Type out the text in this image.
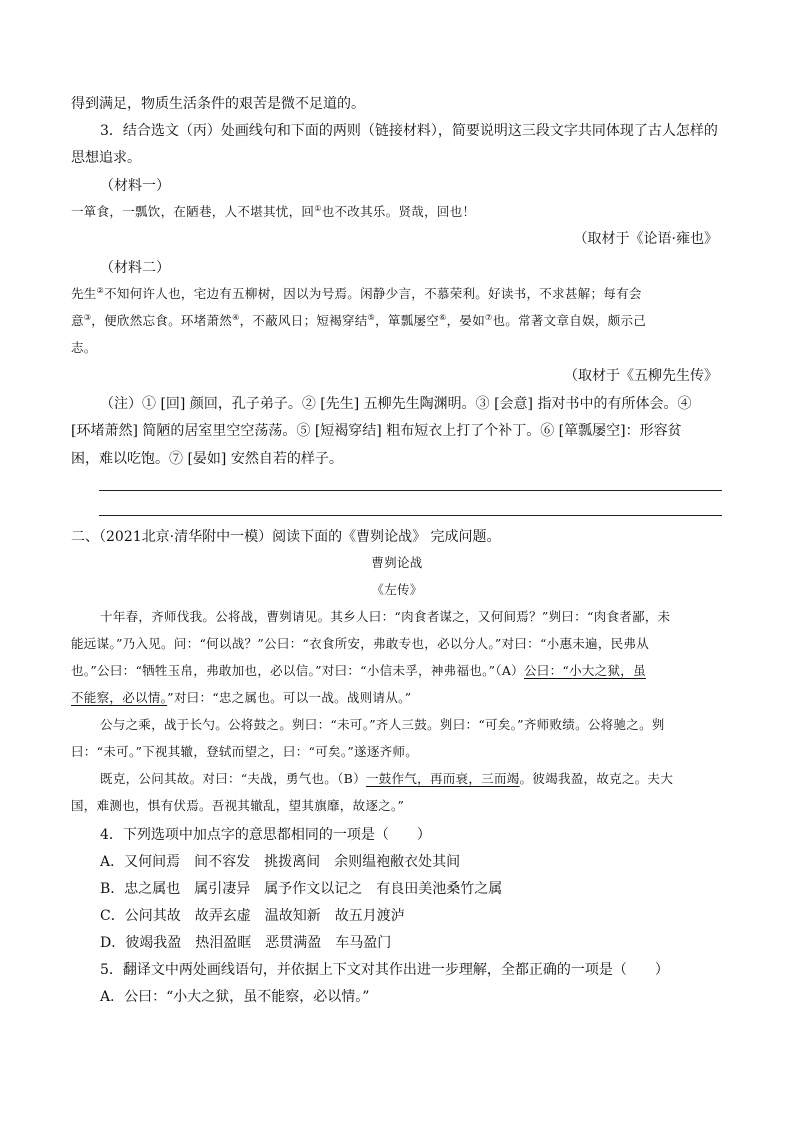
得到满足，物质生活条件的艰苦是微不足道的。
3．结合选文（丙）处画线句和下面的两则（链接材料），简要说明这三段文字共同体现了古人怎样的
思想追求。
（材料一）
一箪食，一瓢饮，在陋巷，人不堪其忧，回①也不改其乐。贤哉，回也！
（取材于《论语·雍也》
（材料二）
先生②不知何许人也，宅边有五柳树，因以为号焉。闲静少言，不慕荣利。好读书，不求甚解；每有会
意③，便欣然忘食。环堵萧然④，不蔽风日；短褐穿结⑤，箪瓢屡空⑥，晏如⑦也。常著文章自娱，颇示己
志。
（取材于《五柳先生传》
（注）① [回] 颜回，孔子弟子。② [先生] 五柳先生陶渊明。③ [会意] 指对书中的有所体会。④
[环堵萧然] 简陋的居室里空空荡荡。⑤ [短褐穿结] 粗布短衣上打了个补丁。⑥ [箪瓢屡空]：形容贫
困，难以吃饱。⑦ [晏如] 安然自若的样子。
二、（2021北京·清华附中一模）阅读下面的《曹刿论战》 完成问题。
曹刿论战
《左传》
十年春，齐师伐我。公将战，曹刿请见。其乡人曰：“肉食者谋之，又何间焉？”刿曰：“肉食者鄙，未
能远谋。”乃入见。问：“何以战？”公曰：“衣食所安，弗敢专也，必以分人。”对曰：“小惠未遍，民弗从
也。”公曰：“牺牲玉帛，弗敢加也，必以信。”对曰：“小信未孚，神弗福也。”（A）公曰：“小大之狱，虽
不能察，必以情。”对曰：“忠之属也。可以一战。战则请从。”
公与之乘，战于长勺。公将鼓之。刿曰：“未可。”齐人三鼓。刿曰：“可矣。”齐师败绩。公将驰之。刿
曰：“未可。”下视其辙，登轼而望之，曰：“可矣。”遂逐齐师。
既克，公问其故。对曰：“夫战，勇气也。（B）一鼓作气，再而衰，三而竭。彼竭我盈，故克之。夫大
国，难测也，惧有伏焉。吾视其辙乱，望其旗靡，故逐之。”
4．下列选项中加点字的意思都相同的一项是（　　）
A．又何间焉　间不容发　挑拨离间　余则缊袍敝衣处其间
B．忠之属也　属引凄异　属予作文以记之　有良田美池桑竹之属
C．公问其故　故弄玄虚　温故知新　故五月渡泸
D．彼竭我盈　热泪盈眶　恶贯满盈　车马盈门
5．翻译文中两处画线语句，并依据上下文对其作出进一步理解，全都正确的一项是（　　）
A．公曰：“小大之狱，虽不能察，必以情。”
